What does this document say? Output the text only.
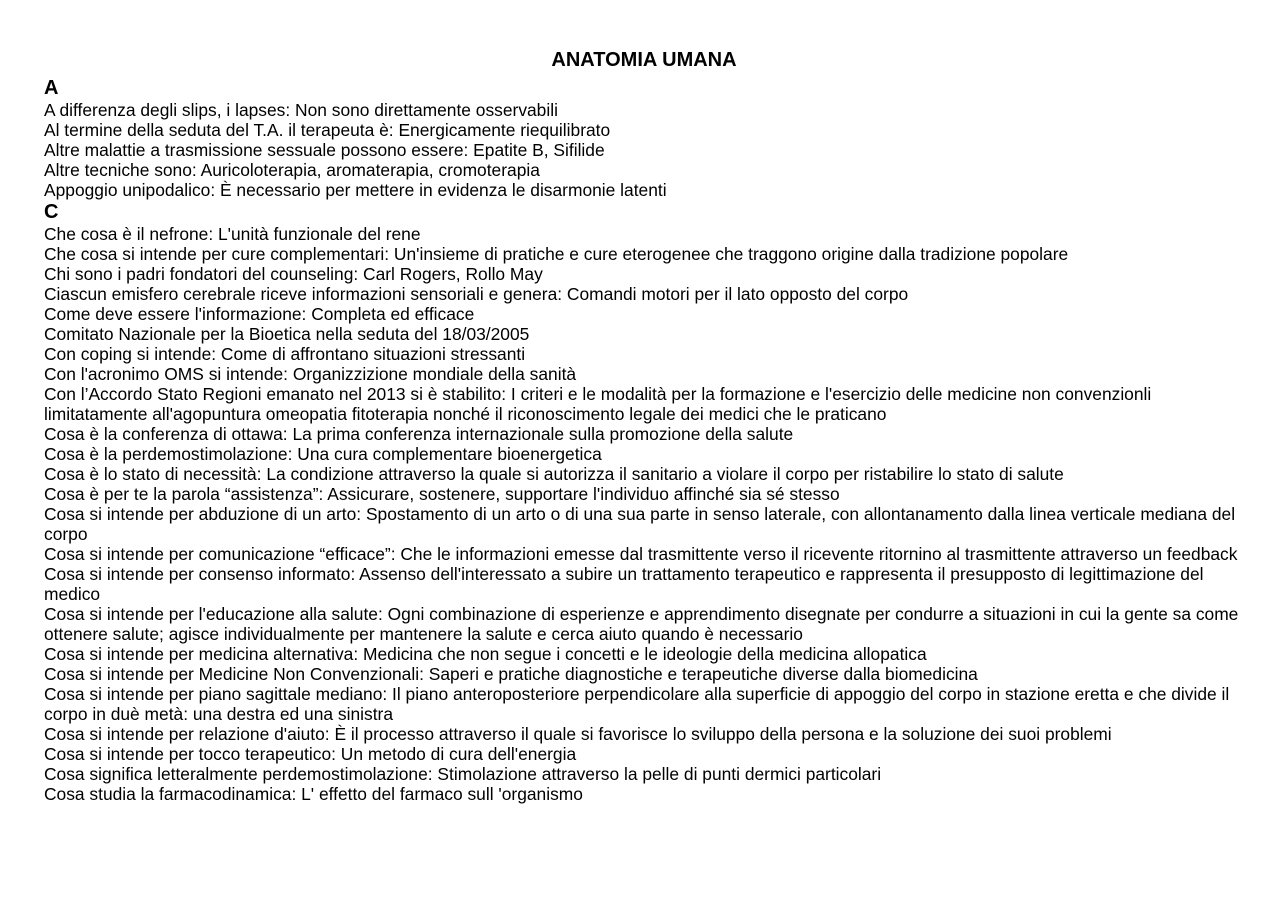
ANATOMIA UMANA
A

A differenza degli slips, i lapses: Non sono direttamente osservabili

Al termine della seduta del T.A. il terapeuta è: Energicamente riequilibrato

Altre malattie a trasmissione sessuale possono essere: Epatite B, Sifilide

Altre tecniche sono: Auricoloterapia, aromaterapia, cromoterapia

Appoggio unipodalico: È necessario per mettere in evidenza le disarmonie latenti

C

Che cosa è il nefrone: L'unità funzionale del rene

Che cosa si intende per cure complementari: Un'insieme di pratiche e cure eterogenee che traggono origine dalla tradizione popolare

Chi sono i padri fondatori del counseling: Carl Rogers, Rollo May

Ciascun emisfero cerebrale riceve informazioni sensoriali e genera: Comandi motori per il lato opposto del corpo

Come deve essere l'informazione: Completa ed efficace

Comitato Nazionale per la Bioetica nella seduta del 18/03/2005

Con coping si intende: Come di affrontano situazioni stressanti

Con l'acronimo OMS si intende: Organizzizione mondiale della sanità

Con l’Accordo Stato Regioni emanato nel 2013 si è stabilito: I criteri e le modalità per la formazione e l'esercizio delle medicine non convenzionli limitatamente all'agopuntura omeopatia fitoterapia nonché il riconoscimento legale dei medici che le praticano

Cosa è la conferenza di ottawa: La prima conferenza internazionale sulla promozione della salute

Cosa è la perdemostimolazione: Una cura complementare bioenergetica

Cosa è lo stato di necessità: La condizione attraverso la quale si autorizza il sanitario a violare il corpo per ristabilire lo stato di salute

Cosa è per te la parola “assistenza”: Assicurare, sostenere, supportare l'individuo affinché sia sé stesso

Cosa si intende per abduzione di un arto: Spostamento di un arto o di una sua parte in senso laterale, con allontanamento dalla linea verticale mediana del corpo

Cosa si intende per comunicazione “efficace”: Che le informazioni emesse dal trasmittente verso il ricevente ritornino al trasmittente attraverso un feedback

Cosa si intende per consenso informato: Assenso dell'interessato a subire un trattamento terapeutico e rappresenta il presupposto di legittimazione del medico

Cosa si intende per l'educazione alla salute: Ogni combinazione di esperienze e apprendimento disegnate per condurre a situazioni in cui la gente sa come ottenere salute; agisce individualmente per mantenere la salute e cerca aiuto quando è necessario

Cosa si intende per medicina alternativa: Medicina che non segue i concetti e le ideologie della medicina allopatica

Cosa si intende per Medicine Non Convenzionali: Saperi e pratiche diagnostiche e terapeutiche diverse dalla biomedicina

Cosa si intende per piano sagittale mediano: Il piano anteroposteriore perpendicolare alla superficie di appoggio del corpo in stazione eretta e che divide il corpo in duè metà: una destra ed una sinistra

Cosa si intende per relazione d'aiuto: È il processo attraverso il quale si favorisce lo sviluppo della persona e la soluzione dei suoi problemi

Cosa si intende per tocco terapeutico: Un metodo di cura dell'energia

Cosa significa letteralmente perdemostimolazione: Stimolazione attraverso la pelle di punti dermici particolari

Cosa studia la farmacodinamica: L' effetto del farmaco sull 'organismo
